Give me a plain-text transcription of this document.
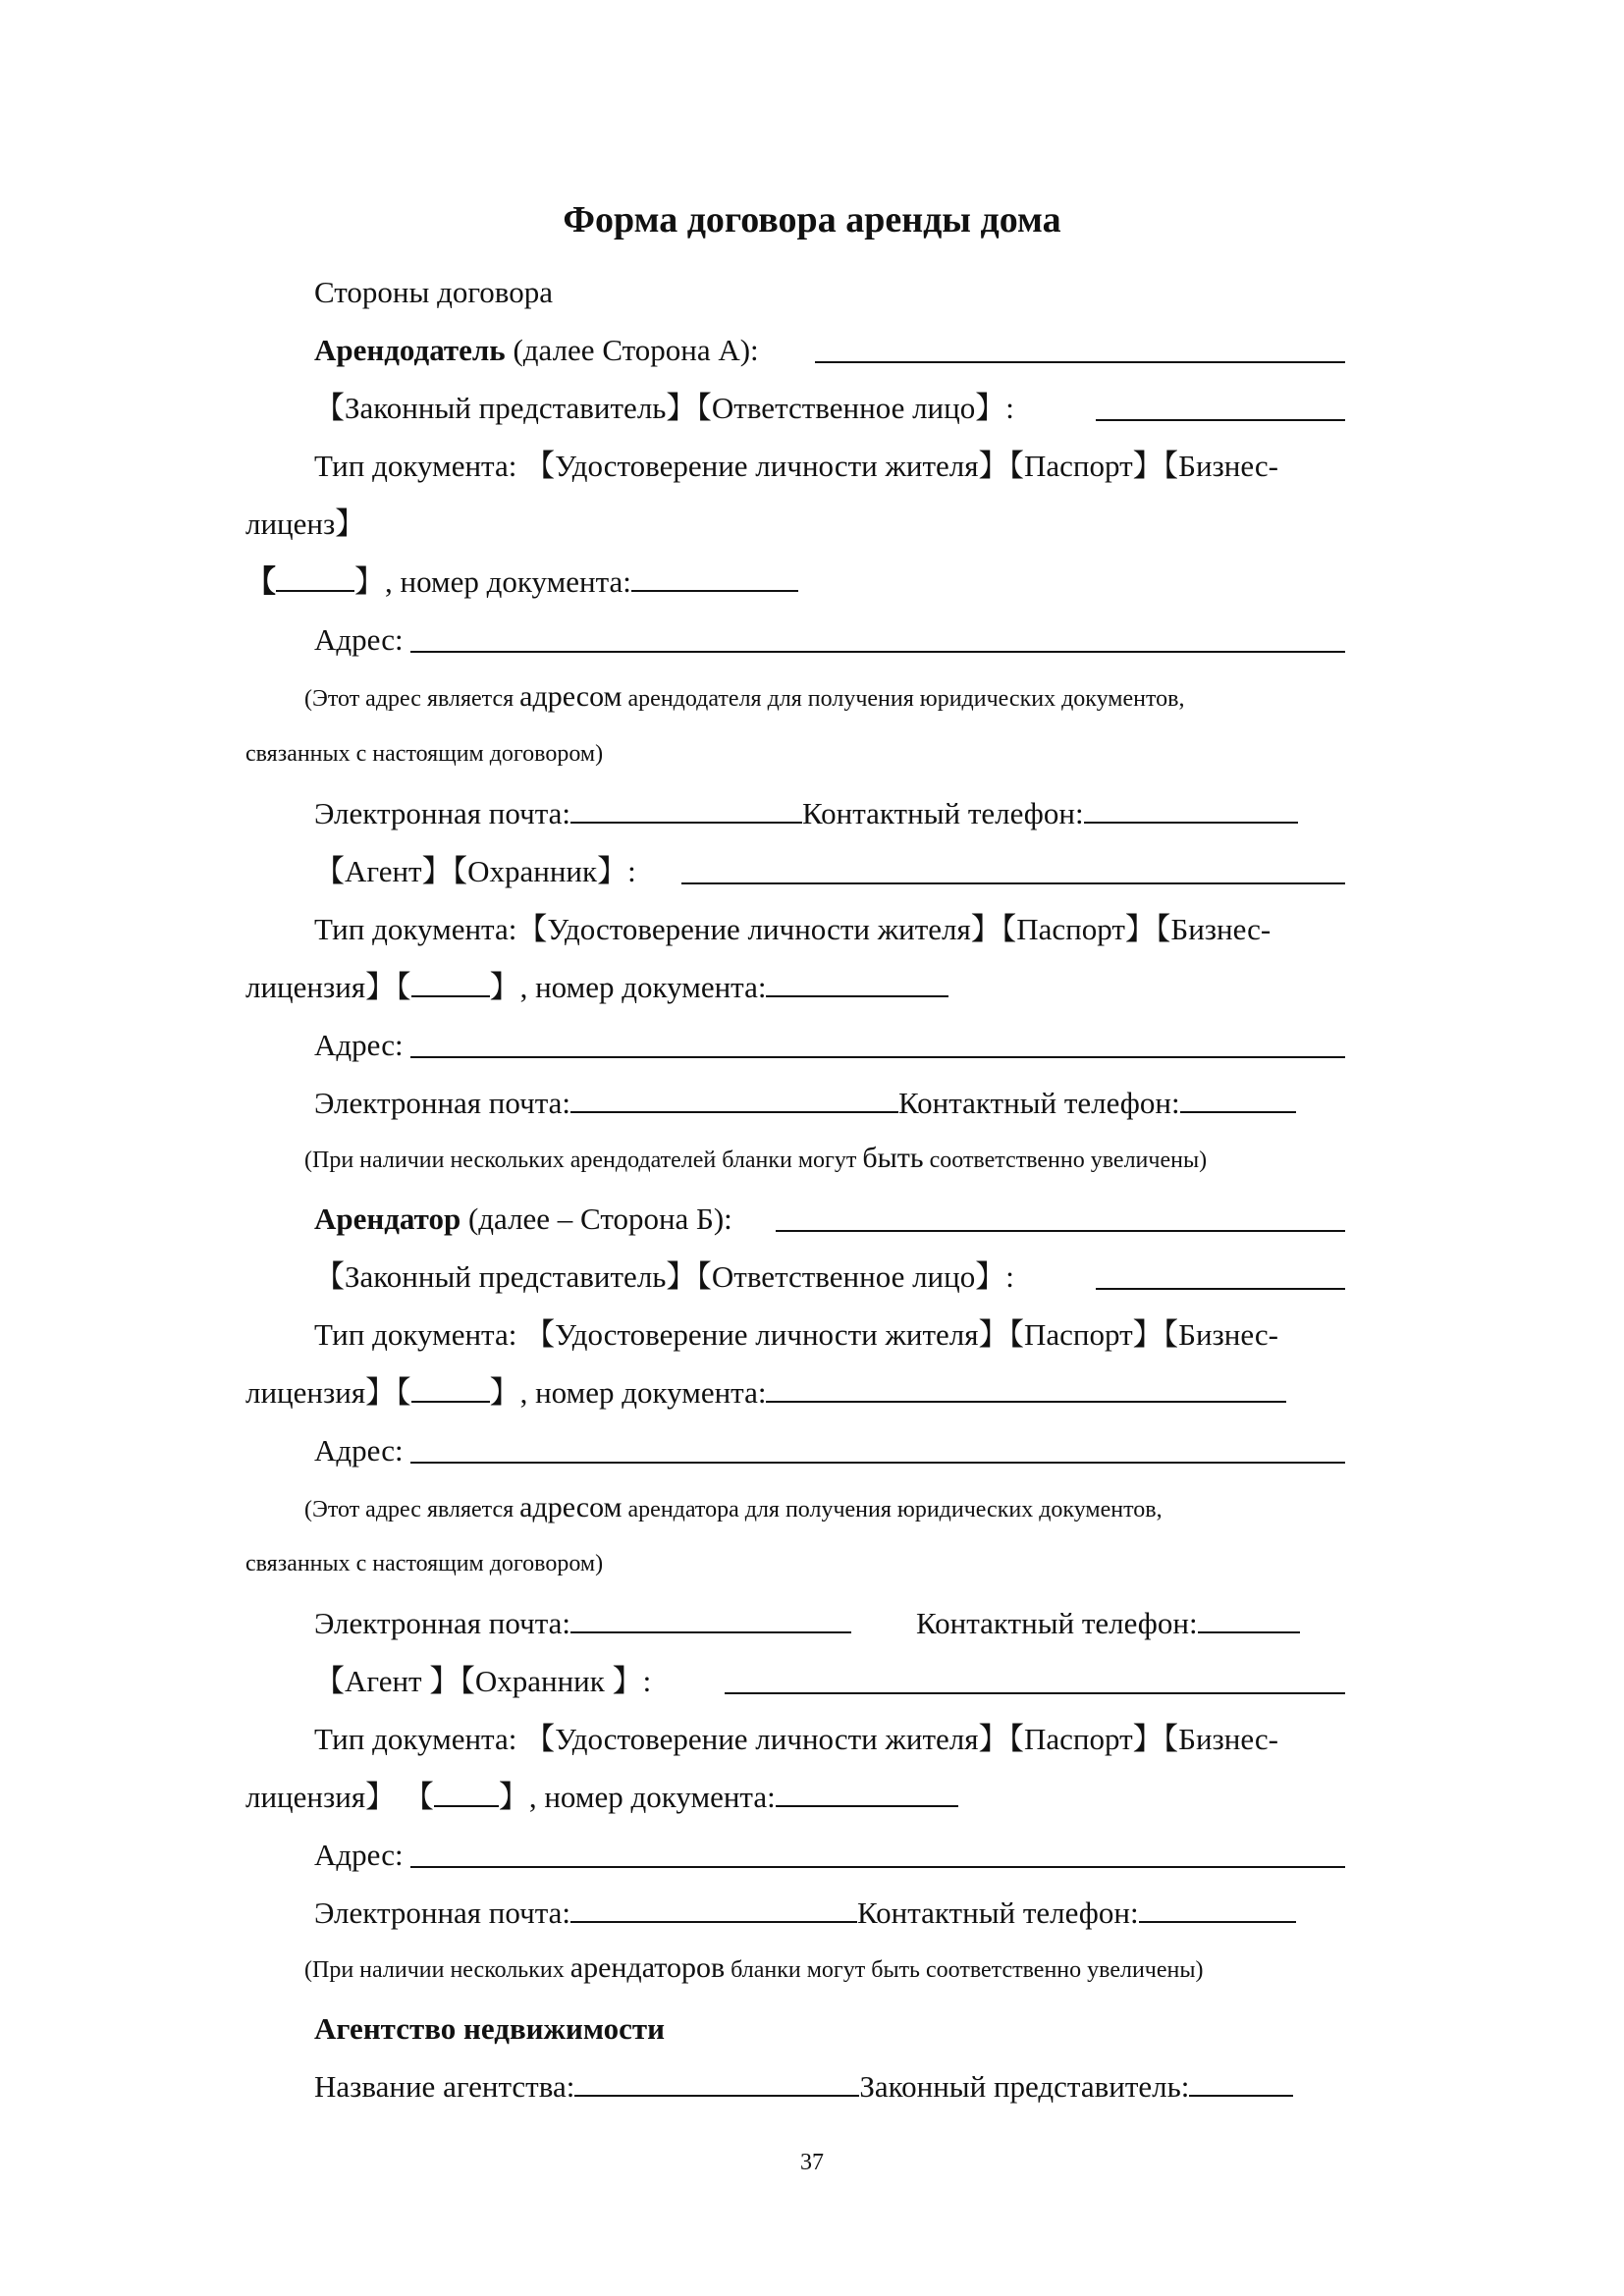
Форма договора аренды дома
Стороны договора
Арендодатель (далее Сторона А):
【Законный представитель】【Ответственное лицо】:
Тип документа: 【Удостоверение личности жителя】【Паспорт】【Бизнес-
лиценз】
【	】, номер документа:
Адрес:
(Этот адрес является адресом арендодателя для получения юридических документов,
связанных с настоящим договором)
Электронная почта:	Контактный телефон:
【Агент】【Охранник】:
Тип документа:【Удостоверение личности жителя】【Паспорт】【Бизнес-
лицензия】【	】, номер документа:
Адрес:
Электронная почта:	Контактный телефон:
(При наличии нескольких арендодателей бланки могут быть соответственно увеличены)
Арендатор (далее – Сторона Б):
【Законный представитель】【Ответственное лицо】:
Тип документа: 【Удостоверение личности жителя】【Паспорт】【Бизнес-
лицензия】【	】, номер документа:
Адрес:
(Этот адрес является адресом арендатора для получения юридических документов,
связанных с настоящим договором)
Электронная почта:	Контактный телефон:
【Агент 】【Охранник 】:
Тип документа: 【Удостоверение личности жителя】【Паспорт】【Бизнес-
лицензия】 【 】, номер документа:
Адрес:
Электронная почта:	Контактный телефон:
(При наличии нескольких арендаторов бланки могут быть соответственно увеличены)
Агентство недвижимости
Название агентства:	Законный представитель:
37
